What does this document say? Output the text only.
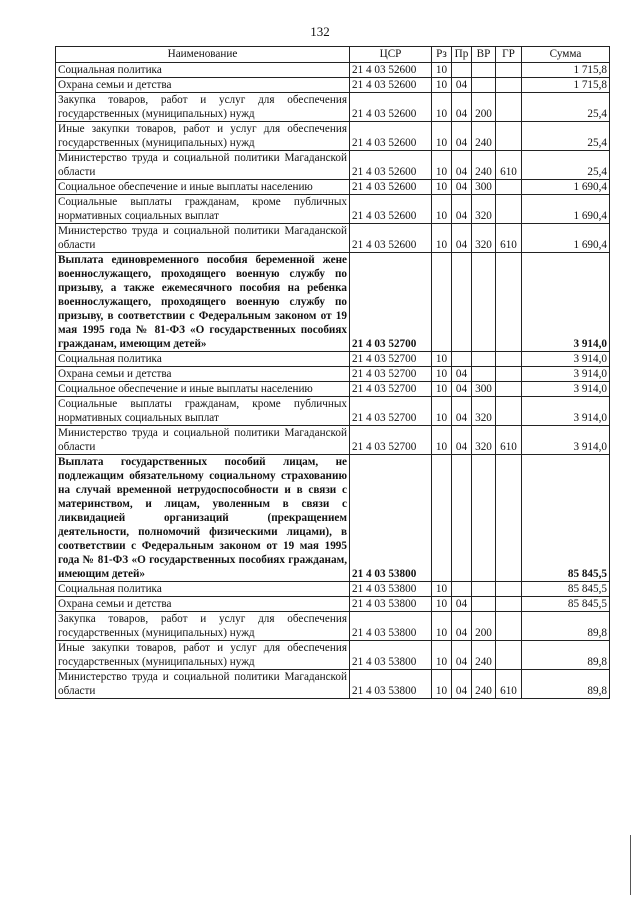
132
Наименование	ЦСР	Рз	Пр	ВР	ГР	Сумма
Социальная политика	21 4 03 52600	10				1 715,8
Охрана семьи и детства	21 4 03 52600	10	04			1 715,8
Закупка товаров, работ и услуг для обеспечения государственных (муниципальных) нужд	21 4 03 52600	10	04	200		25,4
Иные закупки товаров, работ и услуг для обеспечения государственных (муниципальных) нужд	21 4 03 52600	10	04	240		25,4
Министерство труда и социальной политики Магаданской области	21 4 03 52600	10	04	240	610	25,4
Социальное обеспечение и иные выплаты населению	21 4 03 52600	10	04	300		1 690,4
Социальные выплаты гражданам, кроме публичных нормативных социальных выплат	21 4 03 52600	10	04	320		1 690,4
Министерство труда и социальной политики Магаданской области	21 4 03 52600	10	04	320	610	1 690,4
Выплата единовременного пособия беременной жене военнослужащего, проходящего военную службу по призыву, а также ежемесячного пособия на ребенка военнослужащего, проходящего военную службу по призыву, в соответствии с Федеральным законом от 19 мая 1995 года № 81-ФЗ «О государственных пособиях гражданам, имеющим детей»	21 4 03 52700					3 914,0
Социальная политика	21 4 03 52700	10				3 914,0
Охрана семьи и детства	21 4 03 52700	10	04			3 914,0
Социальное обеспечение и иные выплаты населению	21 4 03 52700	10	04	300		3 914,0
Социальные выплаты гражданам, кроме публичных нормативных социальных выплат	21 4 03 52700	10	04	320		3 914,0
Министерство труда и социальной политики Магаданской области	21 4 03 52700	10	04	320	610	3 914,0
Выплата государственных пособий лицам, не подлежащим обязательному социальному страхованию на случай временной нетрудоспособности и в связи с материнством, и лицам, уволенным в связи с ликвидацией организаций (прекращением деятельности, полномочий физическими лицами), в соответствии с Федеральным законом от 19 мая 1995 года № 81-ФЗ «О государственных пособиях гражданам, имеющим детей»	21 4 03 53800					85 845,5
Социальная политика	21 4 03 53800	10				85 845,5
Охрана семьи и детства	21 4 03 53800	10	04			85 845,5
Закупка товаров, работ и услуг для обеспечения государственных (муниципальных) нужд	21 4 03 53800	10	04	200		89,8
Иные закупки товаров, работ и услуг для обеспечения государственных (муниципальных) нужд	21 4 03 53800	10	04	240		89,8
Министерство труда и социальной политики Магаданской области	21 4 03 53800	10	04	240	610	89,8
